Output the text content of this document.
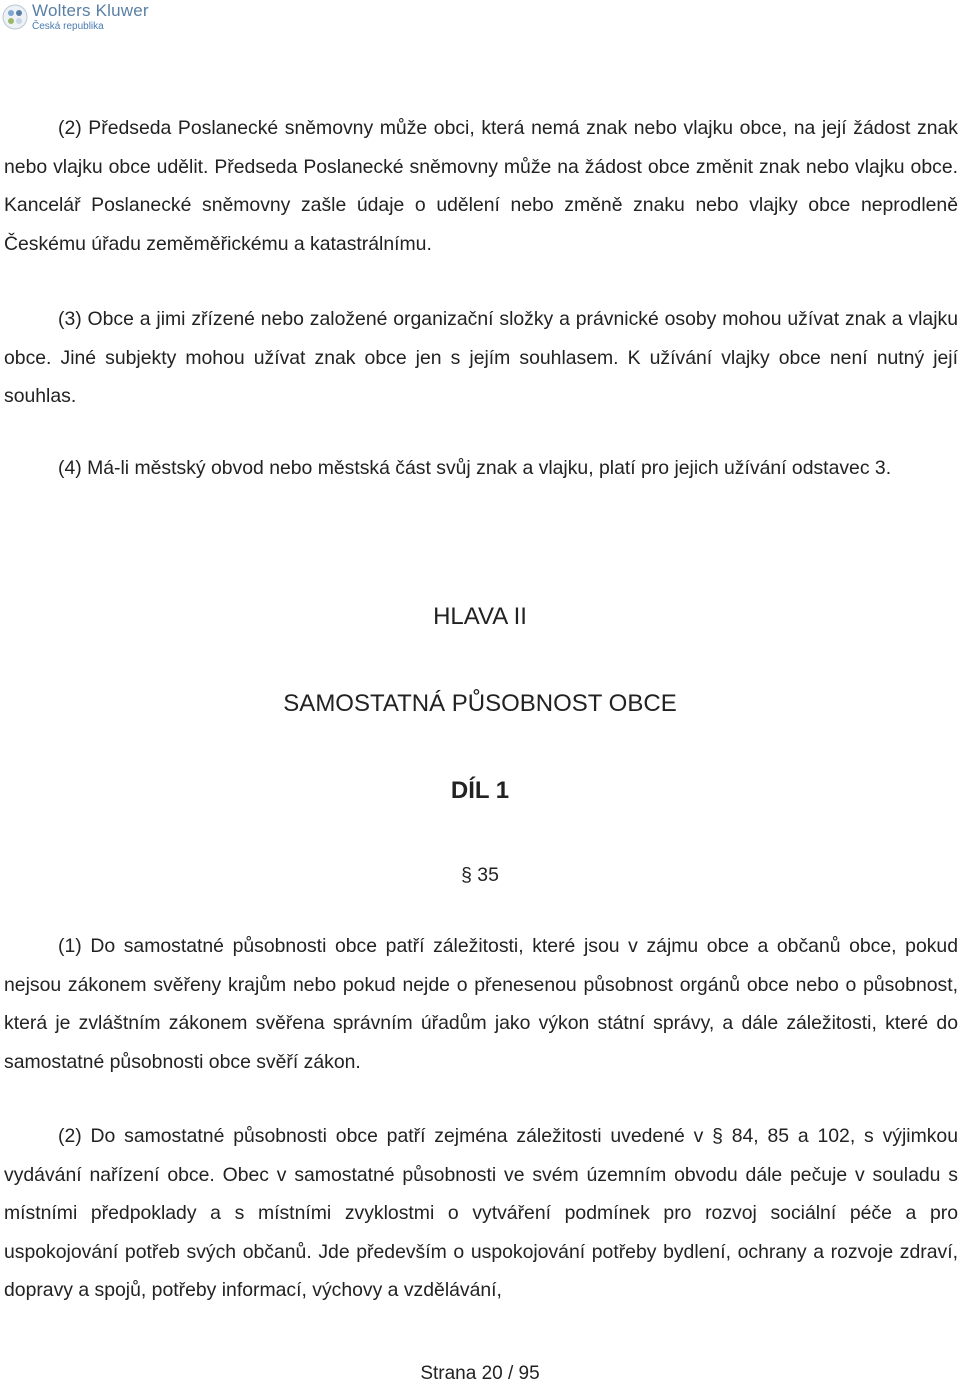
Wolters Kluwer
Česká republika

(2) Předseda Poslanecké sněmovny může obci, která nemá znak nebo vlajku obce, na její žádost znak nebo vlajku obce udělit. Předseda Poslanecké sněmovny může na žádost obce změnit znak nebo vlajku obce. Kancelář Poslanecké sněmovny zašle údaje o udělení nebo změně znaku nebo vlajky obce neprodleně Českému úřadu zeměměřickému a katastrálnímu.

(3) Obce a jimi zřízené nebo založené organizační složky a právnické osoby mohou užívat znak a vlajku obce. Jiné subjekty mohou užívat znak obce jen s jejím souhlasem. K užívání vlajky obce není nutný její souhlas.

(4) Má-li městský obvod nebo městská část svůj znak a vlajku, platí pro jejich užívání odstavec 3.

HLAVA II
SAMOSTATNÁ PŮSOBNOST OBCE
DÍL 1
§ 35

(1) Do samostatné působnosti obce patří záležitosti, které jsou v zájmu obce a občanů obce, pokud nejsou zákonem svěřeny krajům nebo pokud nejde o přenesenou působnost orgánů obce nebo o působnost, která je zvláštním zákonem svěřena správním úřadům jako výkon státní správy, a dále záležitosti, které do samostatné působnosti obce svěří zákon.

(2) Do samostatné působnosti obce patří zejména záležitosti uvedené v § 84, 85 a 102, s výjimkou vydávání nařízení obce. Obec v samostatné působnosti ve svém územním obvodu dále pečuje v souladu s místními předpoklady a s místními zvyklostmi o vytváření podmínek pro rozvoj sociální péče a pro uspokojování potřeb svých občanů. Jde především o uspokojování potřeby bydlení, ochrany a rozvoje zdraví, dopravy a spojů, potřeby informací, výchovy a vzdělávání,

Strana 20 / 95
